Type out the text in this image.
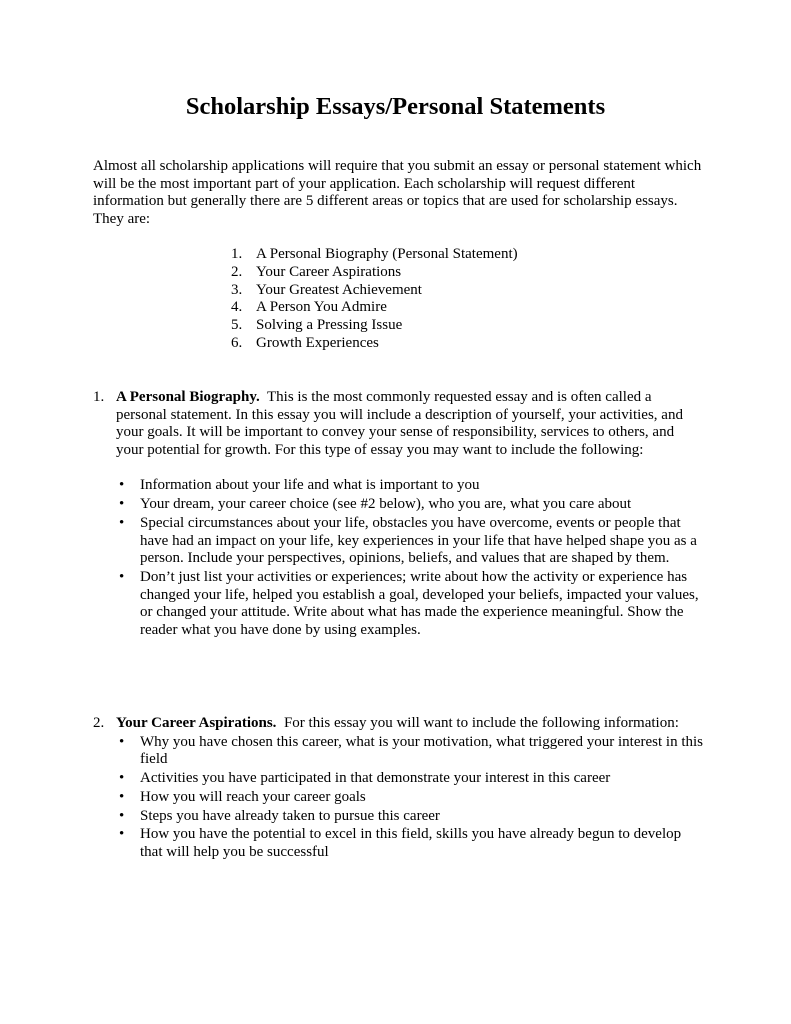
Scholarship Essays/Personal Statements

Almost all scholarship applications will require that you submit an essay or personal statement which will be the most important part of your application. Each scholarship will request different information but generally there are 5 different areas or topics that are used for scholarship essays. They are:

1. A Personal Biography (Personal Statement)
2. Your Career Aspirations
3. Your Greatest Achievement
4. A Person You Admire
5. Solving a Pressing Issue
6. Growth Experiences
1. A Personal Biography. This is the most commonly requested essay and is often called a personal statement. In this essay you will include a description of yourself, your activities, and your goals. It will be important to convey your sense of responsibility, services to others, and your potential for growth. For this type of essay you may want to include the following:
• Information about your life and what is important to you
• Your dream, your career choice (see #2 below), who you are, what you care about
• Special circumstances about your life, obstacles you have overcome, events or people that have had an impact on your life, key experiences in your life that have helped shape you as a person. Include your perspectives, opinions, beliefs, and values that are shaped by them.
• Don’t just list your activities or experiences; write about how the activity or experience has changed your life, helped you establish a goal, developed your beliefs, impacted your values, or changed your attitude. Write about what has made the experience meaningful. Show the reader what you have done by using examples.
2. Your Career Aspirations. For this essay you will want to include the following information:
• Why you have chosen this career, what is your motivation, what triggered your interest in this field
• Activities you have participated in that demonstrate your interest in this career
• How you will reach your career goals
• Steps you have already taken to pursue this career
• How you have the potential to excel in this field, skills you have already begun to develop that will help you be successful
